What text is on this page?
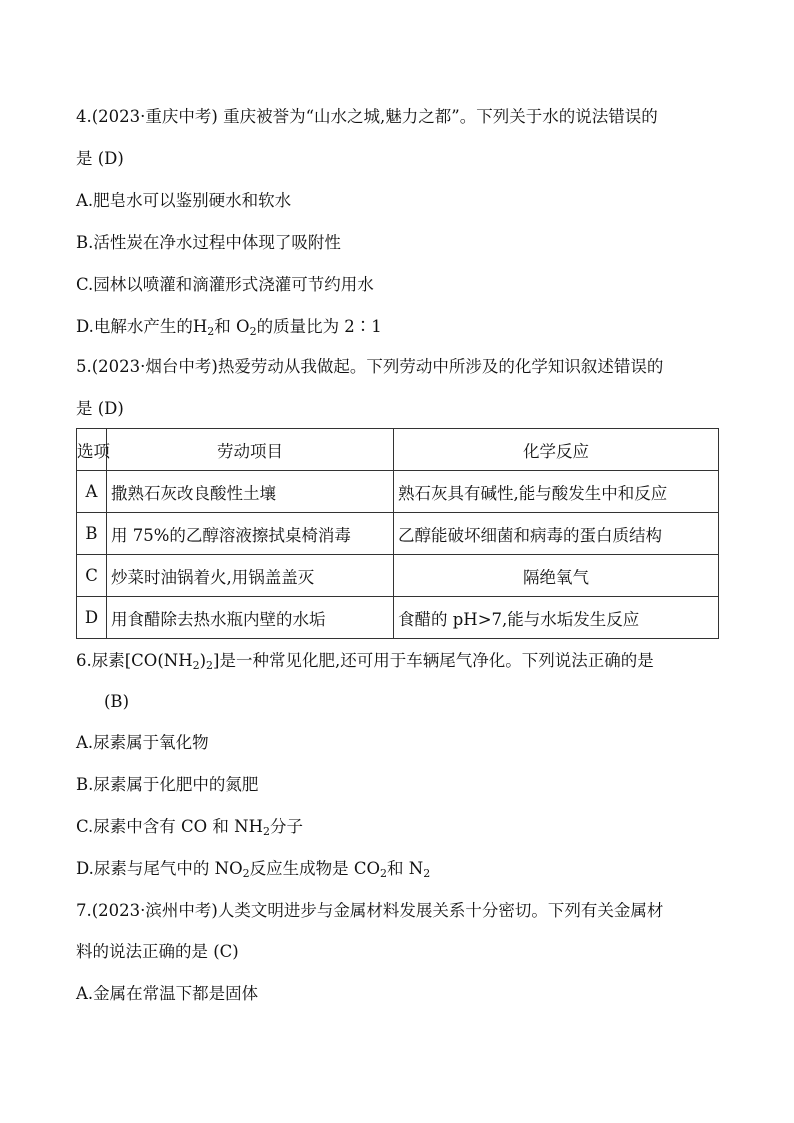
4.(2023·重庆中考) 重庆被誉为“山水之城,魅力之都”。下列关于水的说法错误的
是 (D)
A.肥皂水可以鉴别硬水和软水
B.活性炭在净水过程中体现了吸附性
C.园林以喷灌和滴灌形式浇灌可节约用水
D.电解水产生的$H_2$和 $O_2$的质量比为 2∶1
5.(2023·烟台中考)热爱劳动从我做起。下列劳动中所涉及的化学知识叙述错误的
是 (D)
选项	劳动项目	化学反应
A	撒熟石灰改良酸性土壤	熟石灰具有碱性,能与酸发生中和反应
B	用 75%的乙醇溶液擦拭桌椅消毒	乙醇能破坏细菌和病毒的蛋白质结构
C	炒菜时油锅着火,用锅盖盖灭	隔绝氧气
D	用食醋除去热水瓶内壁的水垢	食醋的 pH>7,能与水垢发生反应
6.尿素$[CO(NH_2)_2]$是一种常见化肥,还可用于车辆尾气净化。下列说法正确的是
(B)
A.尿素属于氧化物
B.尿素属于化肥中的氮肥
C.尿素中含有 CO 和 $NH_2$分子
D.尿素与尾气中的 $NO_2$反应生成物是 $CO_2$和 $N_2$
7.(2023·滨州中考)人类文明进步与金属材料发展关系十分密切。下列有关金属材
料的说法正确的是 (C)
A.金属在常温下都是固体
